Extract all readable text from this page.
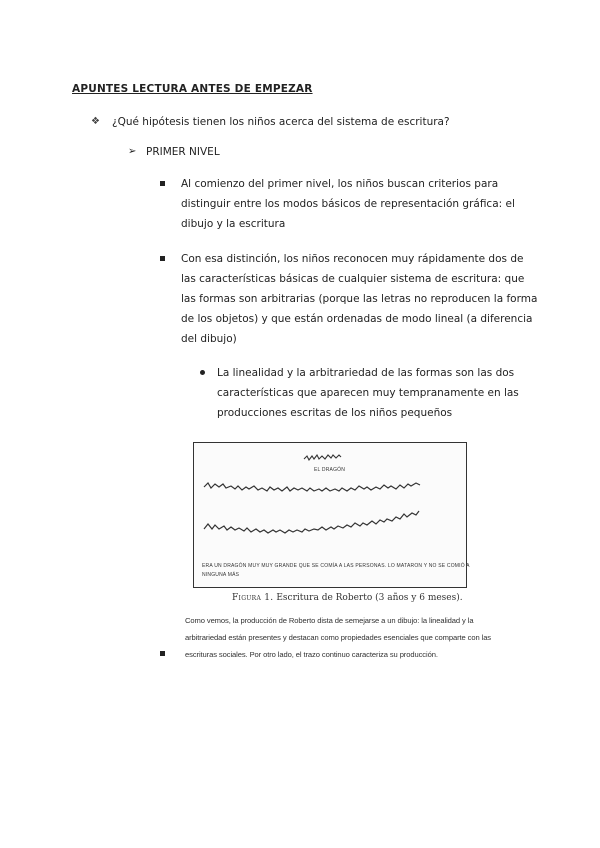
APUNTES LECTURA ANTES DE EMPEZAR
❖ ¿Qué hipótesis tienen los niños acerca del sistema de escritura?
➢ PRIMER NIVEL
Al comienzo del primer nivel, los niños buscan criterios para distinguir entre los modos básicos de representación gráfica: el dibujo y la escritura
Con esa distinción, los niños reconocen muy rápidamente dos de las características básicas de cualquier sistema de escritura: que las formas son arbitrarias (porque las letras no reproducen la forma de los objetos) y que están ordenadas de modo lineal (a diferencia del dibujo)
La linealidad y la arbitrariedad de las formas son las dos características que aparecen muy tempranamente en las producciones escritas de los niños pequeños
EL DRAGÓN
ERA UN DRAGÓN MUY MUY GRANDE QUE SE COMÍA A LAS PERSONAS. LO MATARON Y NO SE COMIÓ A
NINGUNA MÁS
Figura 1. Escritura de Roberto (3 años y 6 meses).
Como vemos, la producción de Roberto dista de semejarse a un dibujo: la linealidad y la arbitrariedad están presentes y destacan como propiedades esenciales que comparte con las escrituras sociales. Por otro lado, el trazo continuo caracteriza su producción.
